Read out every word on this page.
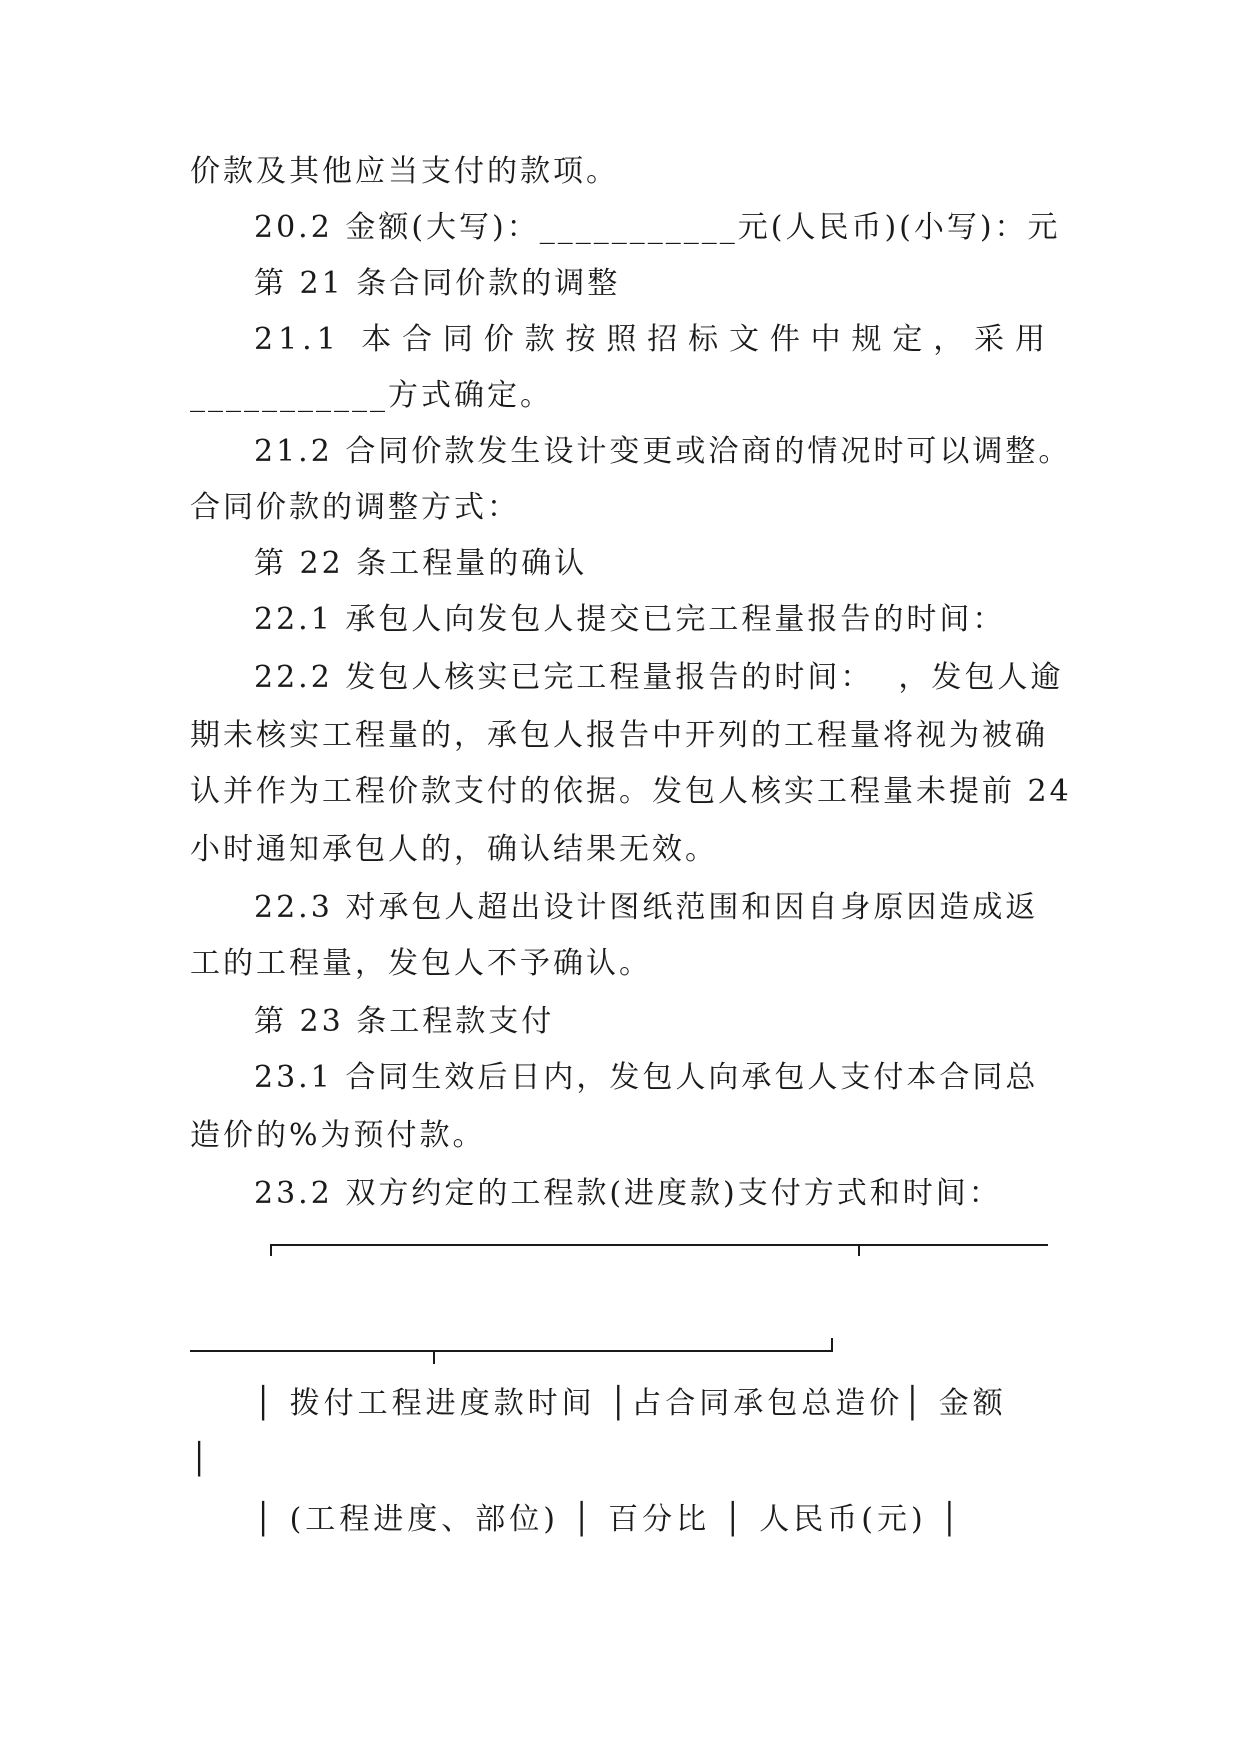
价款及其他应当支付的款项。
20.2 金额(大写)：___________元(人民币)(小写)：元
第 21 条合同价款的调整
21.1 本合同价款按照招标文件中规定，采用
___________方式确定。
21.2 合同价款发生设计变更或洽商的情况时可以调整。
合同价款的调整方式：
第 22 条工程量的确认
22.1 承包人向发包人提交已完工程量报告的时间：
22.2 发包人核实已完工程量报告的时间：  ，发包人逾
期未核实工程量的，承包人报告中开列的工程量将视为被确
认并作为工程价款支付的依据。发包人核实工程量未提前 24
小时通知承包人的，确认结果无效。
22.3 对承包人超出设计图纸范围和因自身原因造成返
工的工程量，发包人不予确认。
第 23 条工程款支付
23.1 合同生效后日内，发包人向承包人支付本合同总
造价的%为预付款。
23.2 双方约定的工程款(进度款)支付方式和时间：
│ 拨付工程进度款时间 │占合同承包总造价│ 金额
│
│ (工程进度、部位) │ 百分比 │ 人民币(元) │
